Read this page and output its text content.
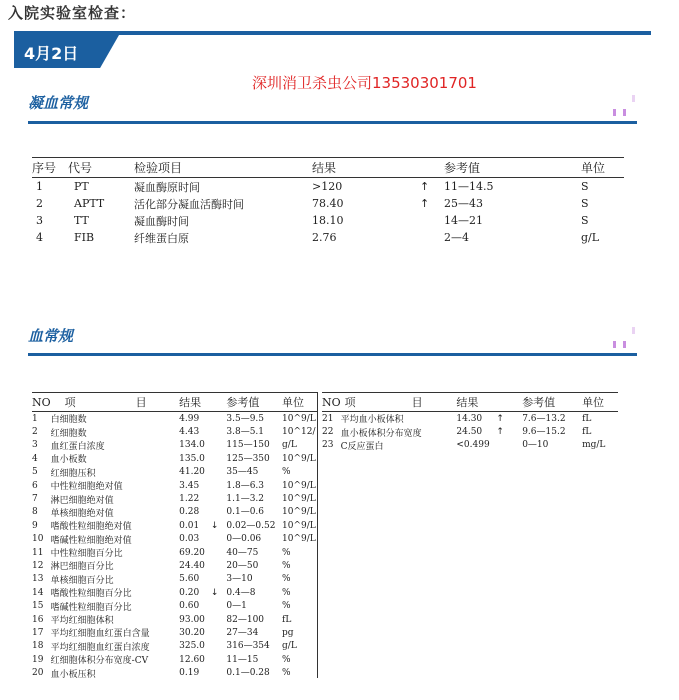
入院实验室检查：
4月2日
深圳消卫杀虫公司13530301701
凝血常规
序号	代号	检验项目	结果		参考值	单位
1	PT	凝血酶原时间	>120	↑	11—14.5	S
2	APTT	活化部分凝血活酶时间	78.40	↑	25—43	S
3	TT	凝血酶时间	18.10		14—21	S
4	FIB	纤维蛋白原	2.76		2—4	g/L
血常规
NO	项 目	结果		参考值	单位
1	白细胞数	4.99		3.5—9.5	10^9/L
2	红细胞数	4.43		3.8—5.1	10^12/
3	血红蛋白浓度	134.0		115—150	g/L
4	血小板数	135.0		125—350	10^9/L
5	红细胞压积	41.20		35—45	%
6	中性粒细胞绝对值	3.45		1.8—6.3	10^9/L
7	淋巴细胞绝对值	1.22		1.1—3.2	10^9/L
8	单核细胞绝对值	0.28		0.1—0.6	10^9/L
9	嗜酸性粒细胞绝对值	0.01	↓	0.02—0.52	10^9/L
10	嗜碱性粒细胞绝对值	0.03		0—0.06	10^9/L
11	中性粒细胞百分比	69.20		40—75	%
12	淋巴细胞百分比	24.40		20—50	%
13	单核细胞百分比	5.60		3—10	%
14	嗜酸性粒细胞百分比	0.20	↓	0.4—8	%
15	嗜碱性粒细胞百分比	0.60		0—1	%
16	平均红细胞体积	93.00		82—100	fL
17	平均红细胞血红蛋白含量	30.20		27—34	pg
18	平均红细胞血红蛋白浓度	325.0		316—354	g/L
19	红细胞体积分布宽度-CV	12.60		11—15	%
20	血小板压积	0.19		0.1—0.28	%
NO	项 目	结果		参考值	单位
21	平均血小板体积	14.30	↑	7.6—13.2	fL
22	血小板体积分布宽度	24.50	↑	9.6—15.2	fL
23	C反应蛋白	<0.499		0—10	mg/L
